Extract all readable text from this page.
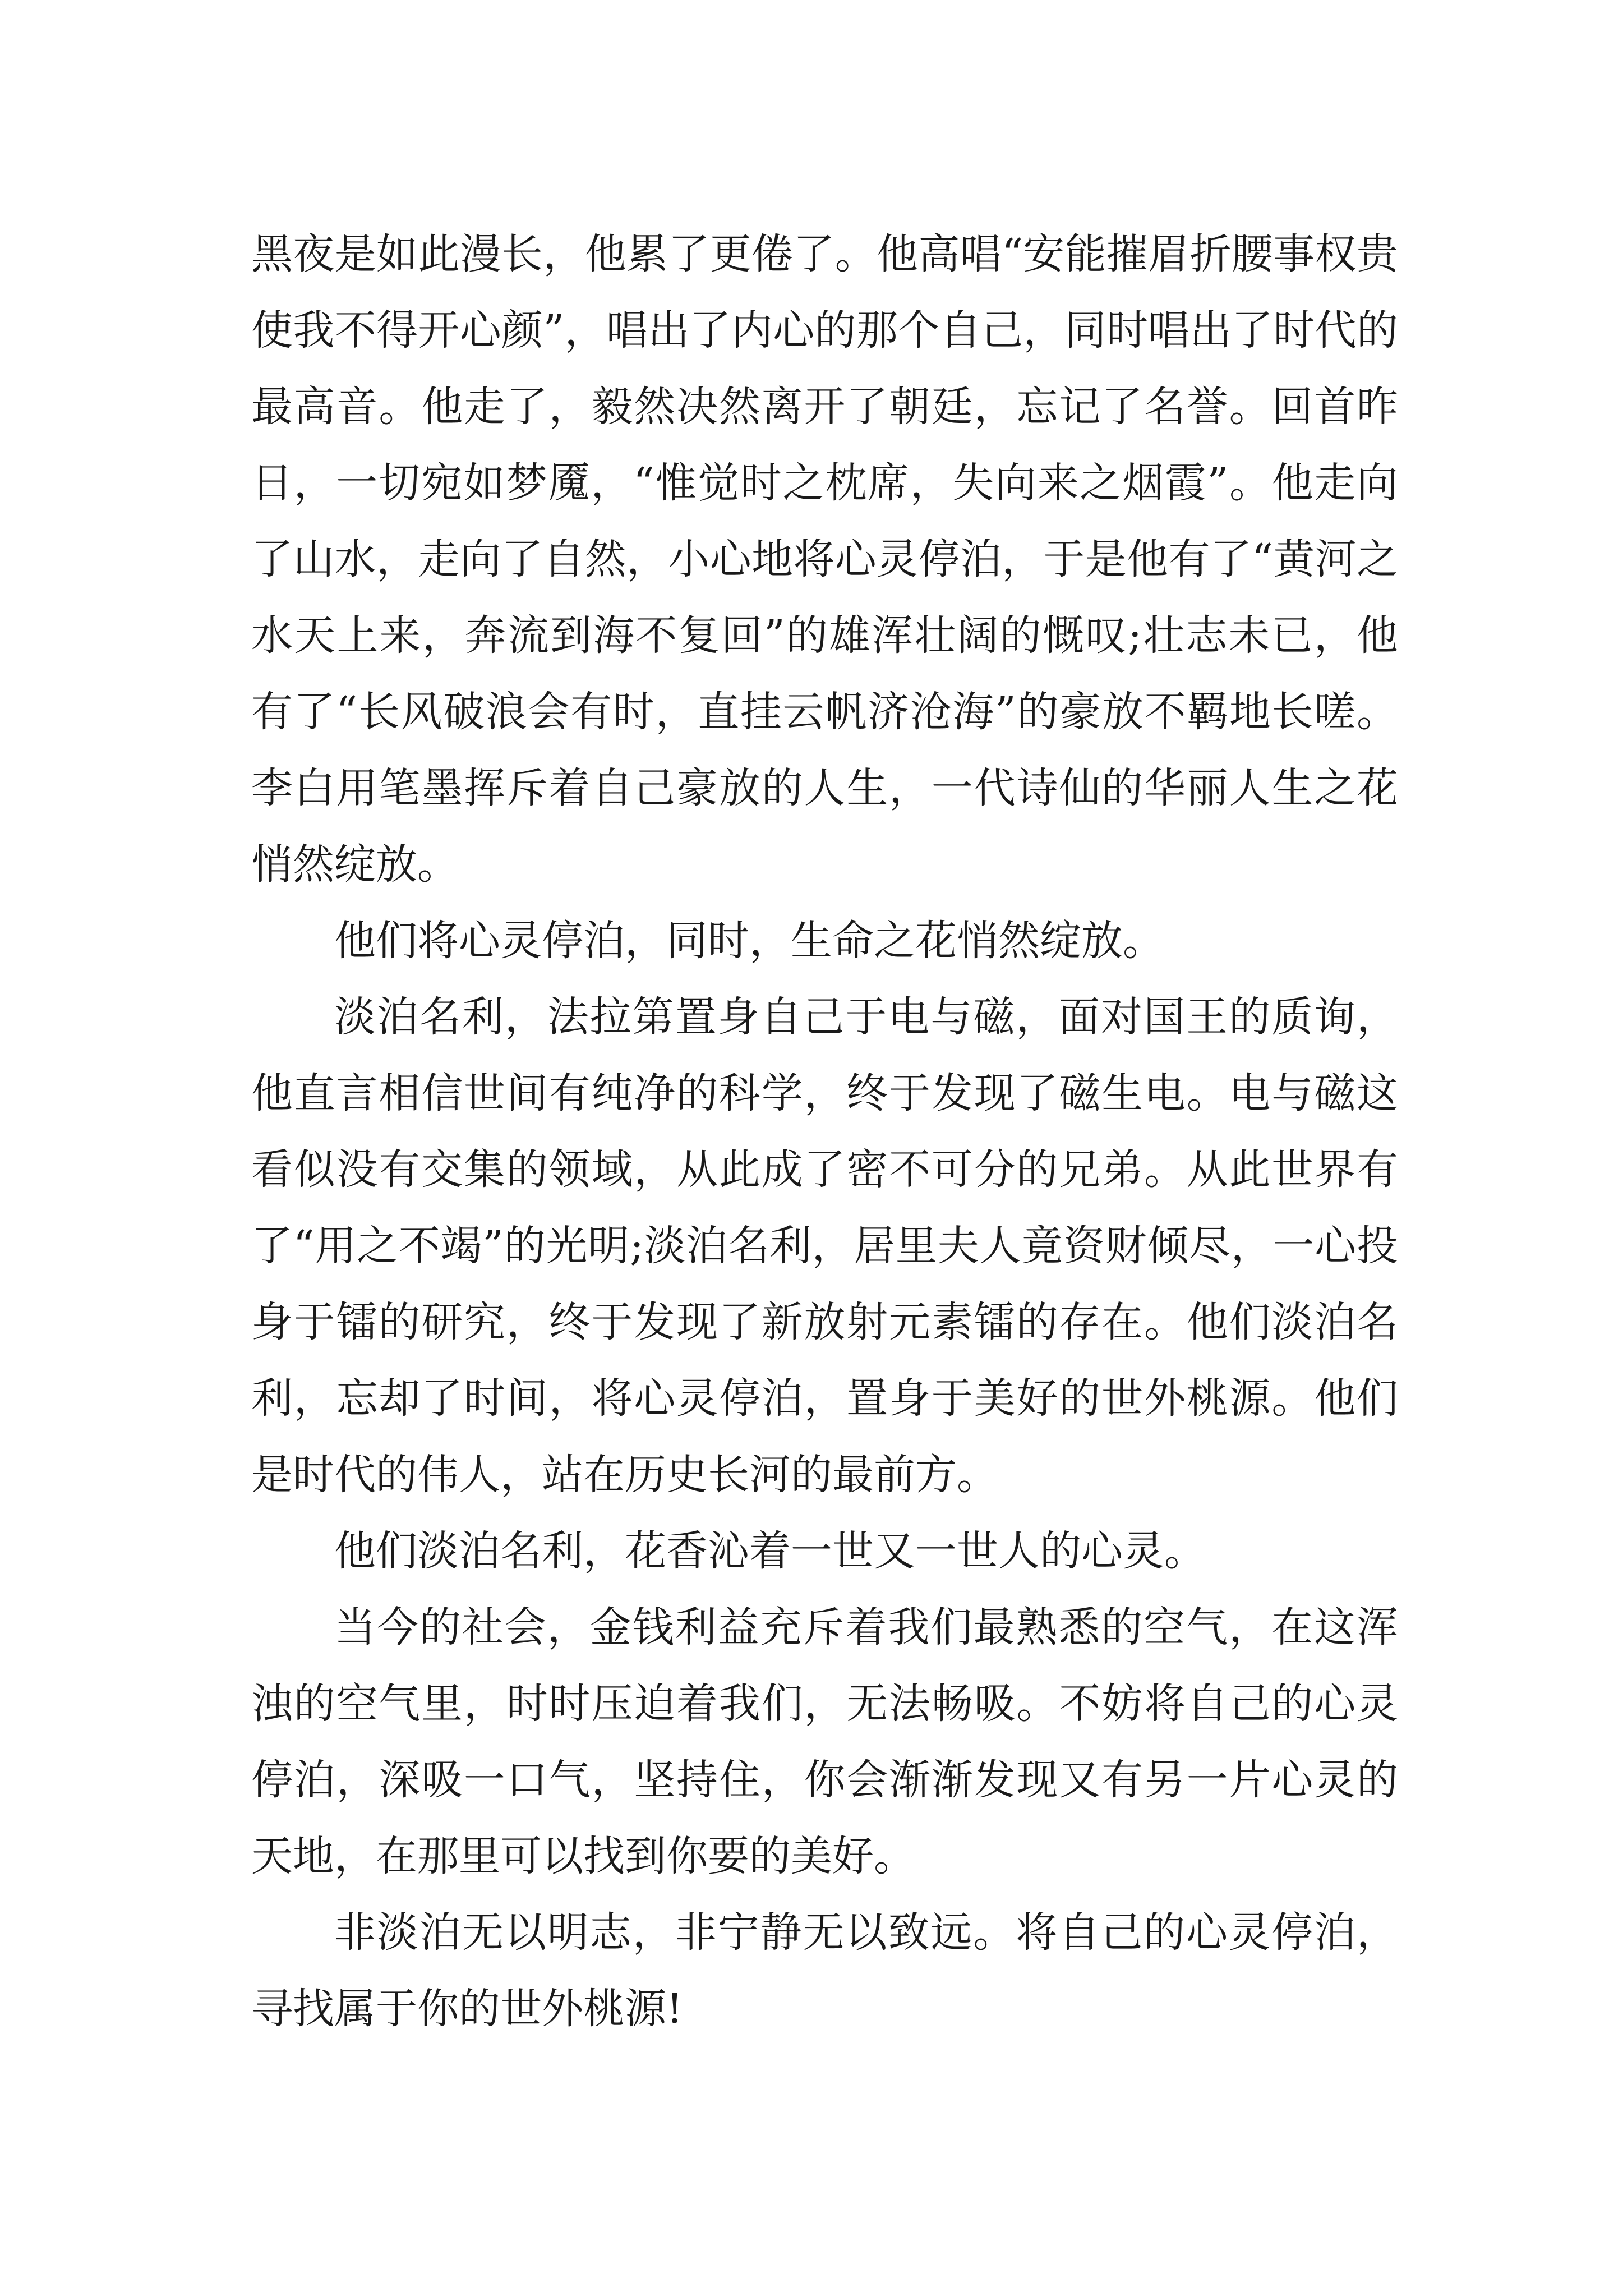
黑夜是如此漫长，他累了更倦了。他高唱“安能摧眉折腰事权贵使我不得开心颜”，唱出了内心的那个自己，同时唱出了时代的最高音。他走了，毅然决然离开了朝廷，忘记了名誉。回首昨日，一切宛如梦魇，“惟觉时之枕席，失向来之烟霞”。他走向了山水，走向了自然，小心地将心灵停泊，于是他有了“黄河之水天上来，奔流到海不复回”的雄浑壮阔的慨叹;壮志未已，他有了“长风破浪会有时，直挂云帆济沧海”的豪放不羁地长嗟。李白用笔墨挥斥着自己豪放的人生，一代诗仙的华丽人生之花悄然绽放。

他们将心灵停泊，同时，生命之花悄然绽放。

淡泊名利，法拉第置身自己于电与磁，面对国王的质询，他直言相信世间有纯净的科学，终于发现了磁生电。电与磁这看似没有交集的领域，从此成了密不可分的兄弟。从此世界有了“用之不竭”的光明;淡泊名利，居里夫人竟资财倾尽，一心投身于镭的研究，终于发现了新放射元素镭的存在。他们淡泊名利，忘却了时间，将心灵停泊，置身于美好的世外桃源。他们是时代的伟人，站在历史长河的最前方。

他们淡泊名利，花香沁着一世又一世人的心灵。

当今的社会，金钱利益充斥着我们最熟悉的空气，在这浑浊的空气里，时时压迫着我们，无法畅吸。不妨将自己的心灵停泊，深吸一口气，坚持住，你会渐渐发现又有另一片心灵的天地，在那里可以找到你要的美好。

非淡泊无以明志，非宁静无以致远。将自己的心灵停泊，寻找属于你的世外桃源!
